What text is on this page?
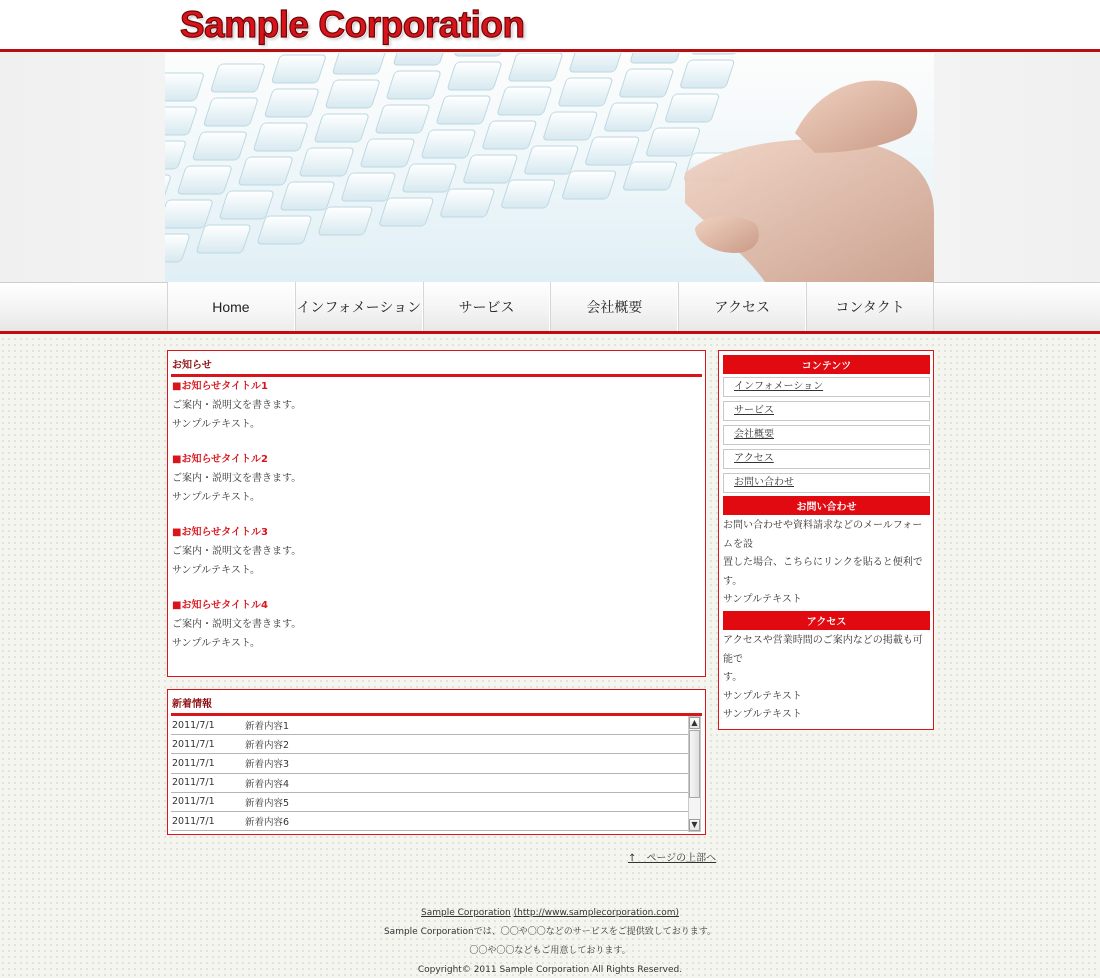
Sample Corporation
Home	インフォメーション	サービス	会社概要	アクセス	コンタクト
お知らせ
■お知らせタイトル1
ご案内・説明文を書きます。
サンプルテキスト。
■お知らせタイトル2
ご案内・説明文を書きます。
サンプルテキスト。
■お知らせタイトル3
ご案内・説明文を書きます。
サンプルテキスト。
■お知らせタイトル4
ご案内・説明文を書きます。
サンプルテキスト。
新着情報
2011/7/1	新着内容1
2011/7/1	新着内容2
2011/7/1	新着内容3
2011/7/1	新着内容4
2011/7/1	新着内容5
2011/7/1	新着内容6
▲
▼
↑　ページの上部へ
コンテンツ
インフォメーション
サービス
会社概要
アクセス
お問い合わせ
お問い合わせ
お問い合わせや資料請求などのメールフォームを設
置した場合、こちらにリンクを貼ると便利です。
サンプルテキスト
アクセス
アクセスや営業時間のご案内などの掲載も可能で
す。
サンプルテキスト
サンプルテキスト
Sample Corporation (http://www.samplecorporation.com)
Sample Corporationでは、〇〇や〇〇などのサービスをご提供致しております。
〇〇や〇〇などもご用意しております。
Copyright© 2011 Sample Corporation All Rights Reserved.
